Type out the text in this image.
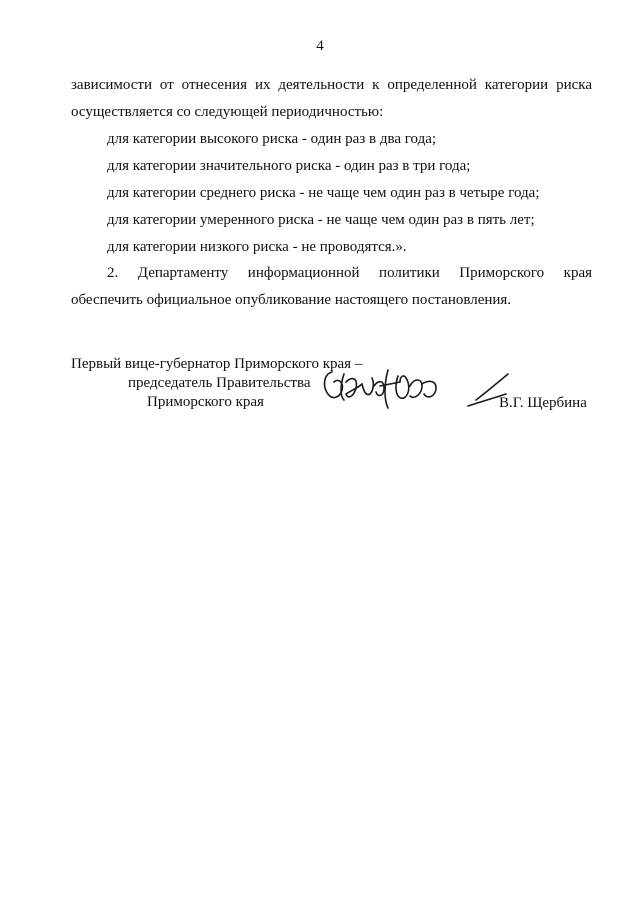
4
зависимости от отнесения их деятельности к определенной категории риска
осуществляется со следующей периодичностью:
для категории высокого риска - один раз в два года;
для категории значительного риска - один раз в три года;
для категории среднего риска - не чаще чем один раз в четыре года;
для категории умеренного риска - не чаще чем один раз в пять лет;
для категории низкого риска - не проводятся.».
2. Департаменту информационной политики Приморского края
обеспечить официальное опубликование настоящего постановления.
Первый вице-губернатор Приморского края –
председатель Правительства
Приморского края	В.Г. Щербина
